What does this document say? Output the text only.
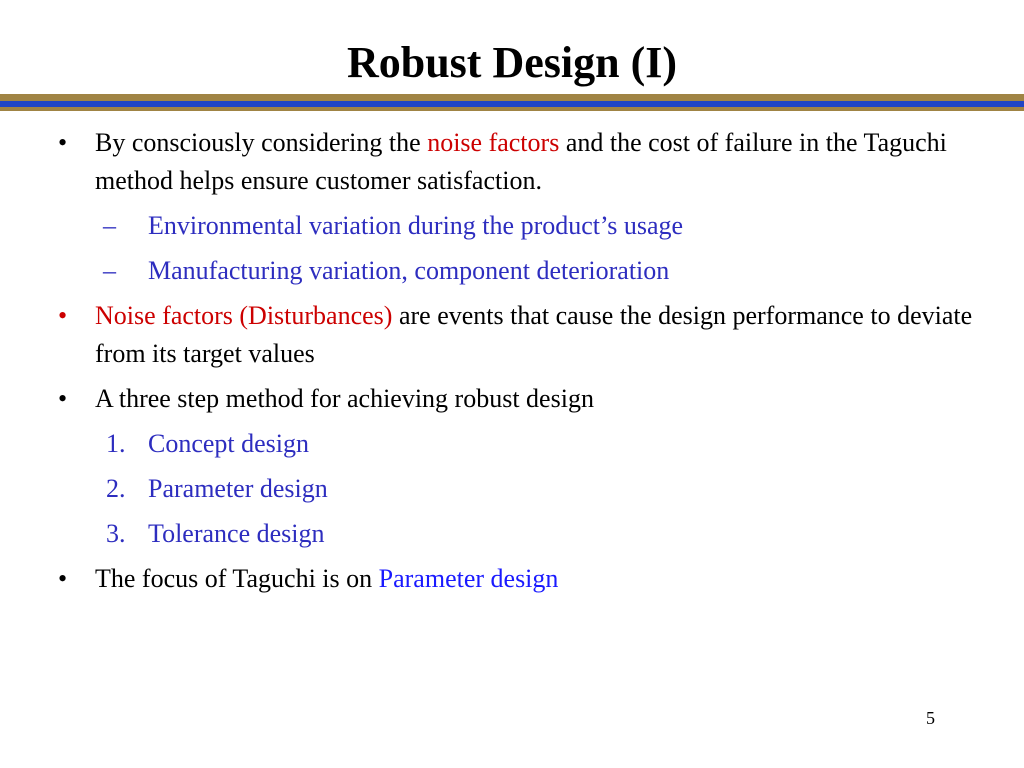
Robust Design (I)
• By consciously considering the noise factors and the cost of failure in the Taguchi method helps ensure customer satisfaction.
– Environmental variation during the product’s usage
– Manufacturing variation, component deterioration
• Noise factors (Disturbances) are events that cause the design performance to deviate from its target values
• A three step method for achieving robust design
1. Concept design
2. Parameter design
3. Tolerance design
• The focus of Taguchi is on Parameter design
5
